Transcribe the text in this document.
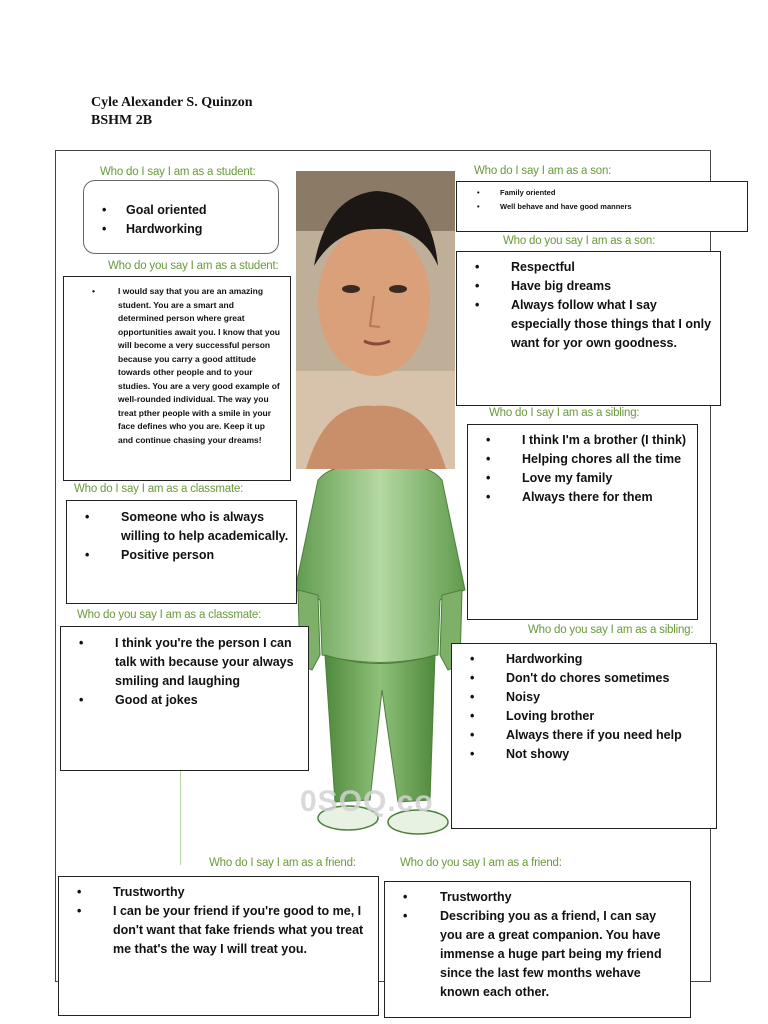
Cyle Alexander S. Quinzon
BSHM 2B
0SOQ.co
Who do I say I am as a student:
• Goal oriented
• Hardworking
Who do you say I am as a student:
• I would say that you are an amazing student. You are a smart and determined person where great opportunities await you. I know that you will become a very successful person because you carry a good attitude towards other people and to your studies. You are a very good example of well-rounded individual. The way you treat pther people with a smile in your face defines who you are. Keep it up and continue chasing your dreams!
Who do I say I am as a classmate:
• Someone who is always willing to help academically.
• Positive person
Who do you say I am as a classmate:
• I think you're the person I can talk with because your always smiling and laughing
• Good at jokes
Who do I say I am as a son:
• Family oriented
• Well behave and have good manners
Who do you say I am as a son:
• Respectful
• Have big dreams
• Always follow what I say especially those things that I only want for yor own goodness.
Who do I say I am as a sibling:
• I think I'm a brother (I think)
• Helping chores all the time
• Love my family
• Always there for them
Who do you say I am as a sibling:
• Hardworking
• Don't do chores sometimes
• Noisy
• Loving brother
• Always there if you need help
• Not showy
Who do I say I am as a friend:
• Trustworthy
• I can be your friend if you're good to me, I don't want that fake friends what you treat me that's the way I will treat you.
Who do you say I am as a friend:
• Trustworthy
• Describing you as a friend, I can say you are a great companion. You have immense a huge part being my friend since the last few months wehave known each other.
